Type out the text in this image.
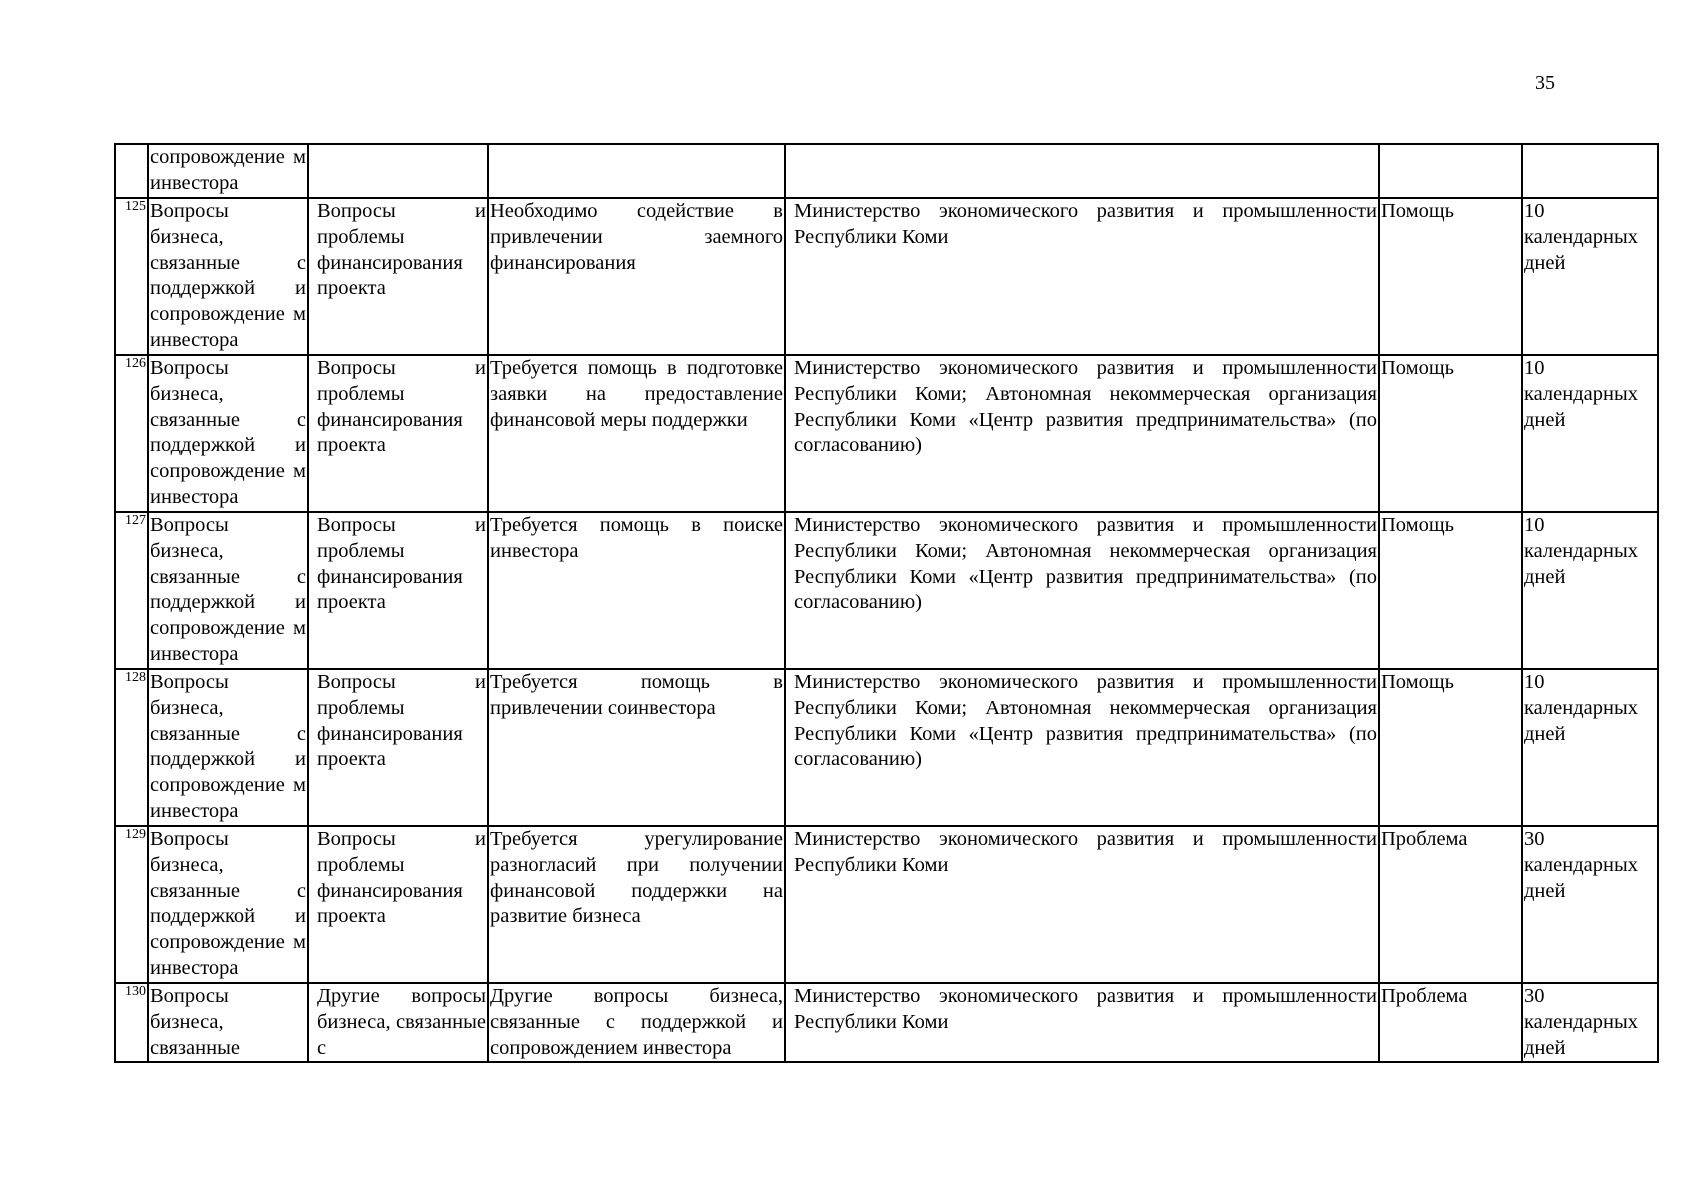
35
	сопровождение м инвестора					
125	Вопросы бизнеса, связанные с поддержкой и сопровождение м инвестора	Вопросы и проблемы финансирования проекта	Необходимо содействие в привлечении заемного финансирования	Министерство экономического развития и промышленности Республики Коми	Помощь	10 календарных дней
126	Вопросы бизнеса, связанные с поддержкой и сопровождение м инвестора	Вопросы и проблемы финансирования проекта	Требуется помощь в подготовке заявки на предоставление финансовой меры поддержки	Министерство экономического развития и промышленности Республики Коми; Автономная некоммерческая организация Республики Коми «Центр развития предпринимательства» (по согласованию)	Помощь	10 календарных дней
127	Вопросы бизнеса, связанные с поддержкой и сопровождение м инвестора	Вопросы и проблемы финансирования проекта	Требуется помощь в поиске инвестора	Министерство экономического развития и промышленности Республики Коми; Автономная некоммерческая организация Республики Коми «Центр развития предпринимательства» (по согласованию)	Помощь	10 календарных дней
128	Вопросы бизнеса, связанные с поддержкой и сопровождение м инвестора	Вопросы и проблемы финансирования проекта	Требуется помощь в привлечении соинвестора	Министерство экономического развития и промышленности Республики Коми; Автономная некоммерческая организация Республики Коми «Центр развития предпринимательства» (по согласованию)	Помощь	10 календарных дней
129	Вопросы бизнеса, связанные с поддержкой и сопровождение м инвестора	Вопросы и проблемы финансирования проекта	Требуется урегулирование разногласий при получении финансовой поддержки на развитие бизнеса	Министерство экономического развития и промышленности Республики Коми	Проблема	30 календарных дней
130	Вопросы бизнеса, связанные	Другие вопросы бизнеса, связанные с	Другие вопросы бизнеса, связанные с поддержкой и сопровождением инвестора	Министерство экономического развития и промышленности Республики Коми	Проблема	30 календарных дней
